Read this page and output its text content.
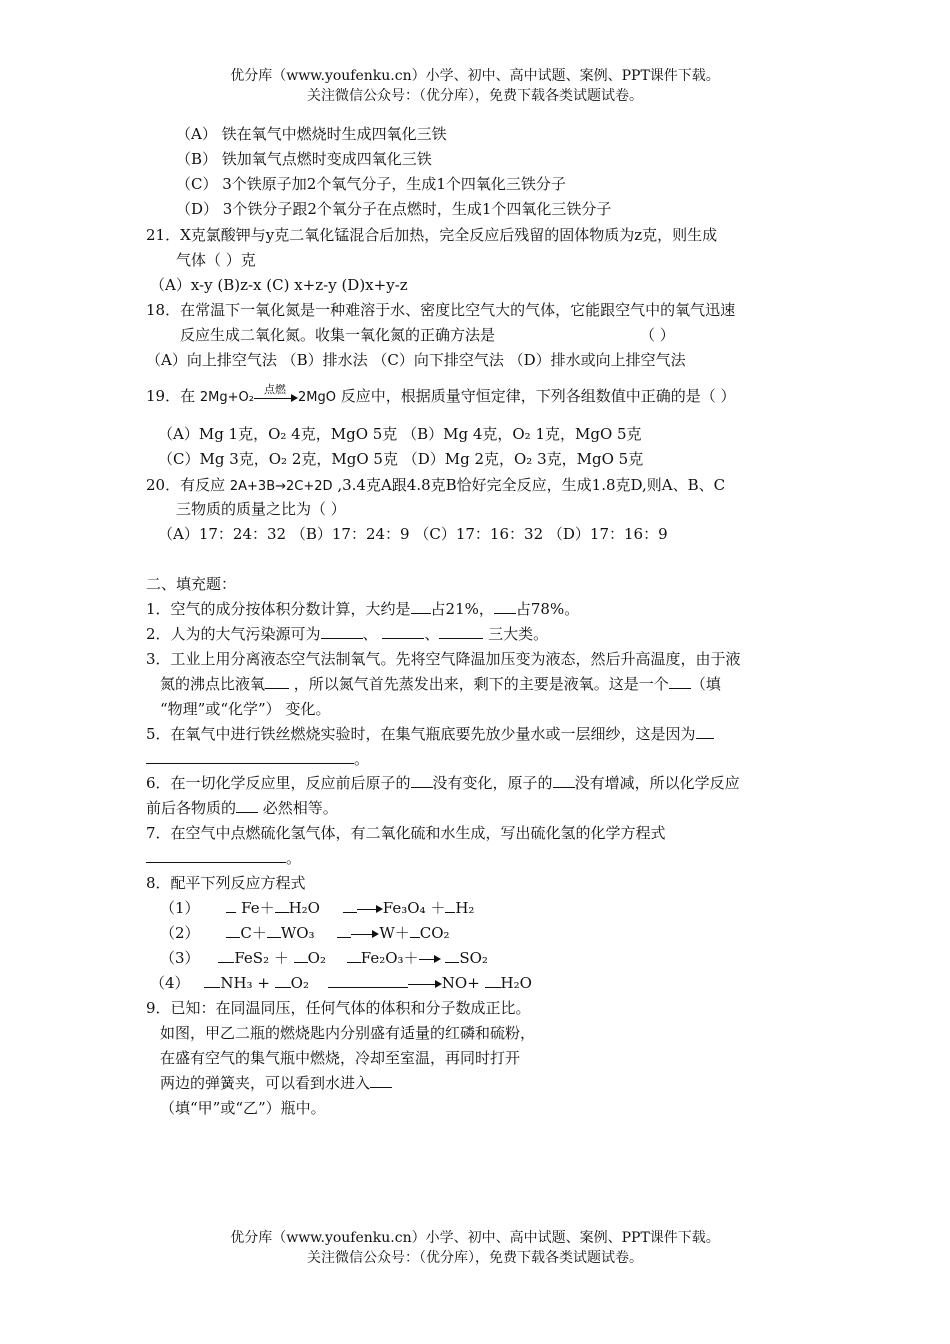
优分库（www.youfenku.cn）小学、初中、高中试题、案例、PPT课件下载。
关注微信公众号：（优分库），免费下载各类试题试卷。
（A） 铁在氧气中燃烧时生成四氧化三铁
（B） 铁加氧气点燃时变成四氧化三铁
（C） 3个铁原子加2个氧气分子，生成1个四氧化三铁分子
（D） 3个铁分子跟2个氧分子在点燃时，生成1个四氧化三铁分子
21．X克氯酸钾与y克二氧化锰混合后加热，完全反应后残留的固体物质为z克，则生成
气体（ ）克
（A）x-y (B)z-x (C) x+z-y (D)x+y-z
18．在常温下一氧化氮是一种难溶于水、密度比空气大的气体，它能跟空气中的氧气迅速
反应生成二氧化氮。收集一氧化氮的正确方法是	（ ）
（A）向上排空气法 （B）排水法 （C）向下排空气法 （D）排水或向上排空气法
19．在 2Mg+O₂
点燃
2MgO 反应中，根据质量守恒定律，下列各组数值中正确的是（ ）
（A）Mg 1克，O₂ 4克，MgO 5克 （B）Mg 4克，O₂ 1克，MgO 5克
（C）Mg 3克，O₂ 2克，MgO 5克 （D）Mg 2克，O₂ 3克，MgO 5克
20．有反应 2A+3B→2C+2D ,3.4克A跟4.8克B恰好完全反应，生成1.8克D,则A、B、C
三物质的质量之比为（ ）
（A）17：24：32 （B）17：24：9 （C）17：16：32 （D）17：16：9
二、填充题：
1．空气的成分按体积分数计算，大约是 占21%， 占78%。
2．人为的大气污染源可为	、	、	三大类。
3．工业上用分离液态空气法制氧气。先将空气降温加压变为液态，然后升高温度，由于液
氮的沸点比液氧 ，所以氮气首先蒸发出来，剩下的主要是液氧。这是一个 （填
“物理”或“化学”） 变化。
5．在氧气中进行铁丝燃烧实验时，在集气瓶底要先放少量水或一层细纱，这是因为
。
6．在一切化学反应里，反应前后原子的 没有变化，原子的 没有增减，所以化学反应
前后各物质的 必然相等。
7．在空气中点燃硫化氢气体，有二氧化硫和水生成，写出硫化氢的化学方程式
。
8．配平下列反应方程式
（1）	Fe＋ H₂O	Fe₃O₄ ＋ H₂
（2）	C＋ WO₃	W＋ CO₂
（3） FeS₂ ＋ O₂ Fe₂O₃＋	SO₂
（4） NH₃ + O₂	NO+ H₂O
9．已知：在同温同压，任何气体的体积和分子数成正比。
如图，甲乙二瓶的燃烧匙内分别盛有适量的红磷和硫粉，
在盛有空气的集气瓶中燃烧，冷却至室温，再同时打开
两边的弹簧夹，可以看到水进入
（填“甲”或“乙”）瓶中。
优分库（www.youfenku.cn）小学、初中、高中试题、案例、PPT课件下载。
关注微信公众号：（优分库），免费下载各类试题试卷。
